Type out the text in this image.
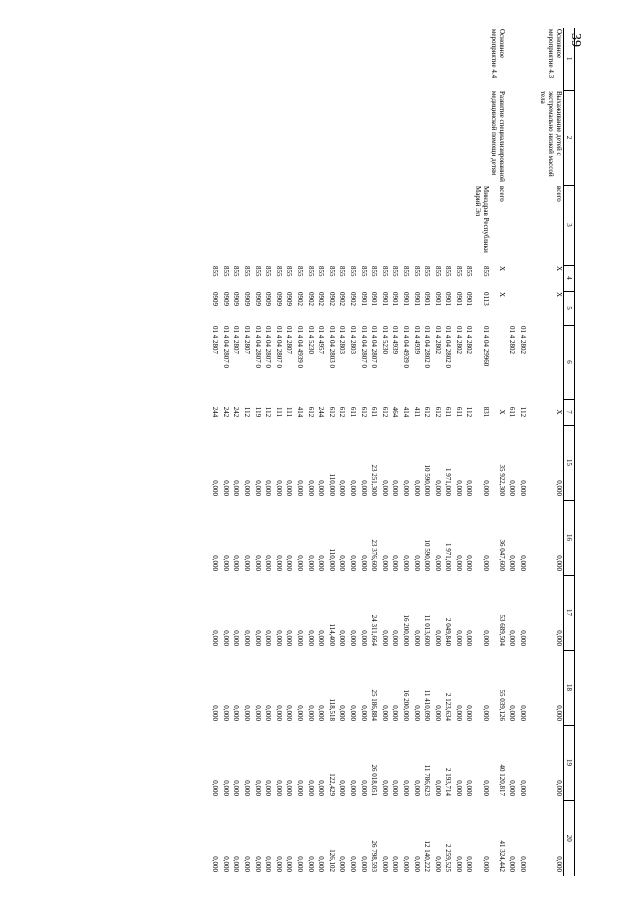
39
1	2	3	4	5	6	7	15	16	17	18	19	20
Основное мероприятие 4.3	Выхаживание детей с экстремально низкой массой тела	всего	Х	Х		Х	0,000	0,000	0,000	0,000	0,000	0,000

					01 4 2802	112	0,000	0,000	0,000	0,000	0,000	0,000
					01 4 2802	611	0,000	0,000	0,000	0,000	0,000	0,000
Основное мероприятие 4.4	Развитие специализированной медицинской помощи детям	всего	Х	Х		Х	35 922,300	36 047,600	53 689,504	55 039,126	40 120,817	41 324,442
		Минздрав Республики Марий Эл	855	0113	01 4 04 29960	831	0,000	0,000	0,000	0,000	0,000	0,000
			855	0901	01 4 2802	112	0,000	0,000	0,000	0,000	0,000	0,000
			855	0901	01 4 2802	611	0,000	0,000	0,000	0,000	0,000	0,000
			855	0901	01 4 04 2802 0	611	1 971,000	1 971,000	2 049,840	2 123,634	2 193,714	2 259,525
			855	0901	01 4 2802	612	0,000	0,000	0,000	0,000	0,000	0,000
			855	0901	01 4 04 2802 0	612	10 590,000	10 590,000	11 013,600	11 410,090	11 786,623	12 140,222
			855	0901	01 4 4939	411	0,000	0,000	0,000	0,000	0,000	0,000
			855	0901	01 4 04 4939 0	414	0,000	0,000	16 200,000	16 200,000	0,000	0,000
			855	0901	01 4 4939	464	0,000	0,000	0,000	0,000	0,000	0,000
			855	0901	01 4 5230	612	0,000	0,000	0,000	0,000	0,000	0,000
			855	0901	01 4 04 2807 0	611	23 251,300	23 376,600	24 311,664	25 186,884	26 018,051	26 798,593
			855	0901	01 4 04 2807 0	612	0,000	0,000	0,000	0,000	0,000	0,000
			855	0902	01 4 2803	611	0,000	0,000	0,000	0,000	0,000	0,000
			855	0902	01 4 2803	612	0,000	0,000	0,000	0,000	0,000	0,000
			855	0902	01 4 04 2803 0	612	110,000	110,000	114,400	118,518	122,429	126,102
			855	0902	01 4 4957	244	0,000	0,000	0,000	0,000	0,000	0,000
			855	0902	01 4 5230	612	0,000	0,000	0,000	0,000	0,000	0,000
			855	0902	01 4 04 4939 0	414	0,000	0,000	0,000	0,000	0,000	0,000
			855	0909	01 4 2807	111	0,000	0,000	0,000	0,000	0,000	0,000
			855	0909	01 4 04 2807 0	111	0,000	0,000	0,000	0,000	0,000	0,000
			855	0909	01 4 04 2807 0	112	0,000	0,000	0,000	0,000	0,000	0,000
			855	0909	01 4 04 2807 0	119	0,000	0,000	0,000	0,000	0,000	0,000
			855	0909	01 4 2807	112	0,000	0,000	0,000	0,000	0,000	0,000
			855	0909	01 4 2807	242	0,000	0,000	0,000	0,000	0,000	0,000
			855	0909	01 4 04 2807 0	242	0,000	0,000	0,000	0,000	0,000	0,000
			855	0909	01 4 2807	244	0,000	0,000	0,000	0,000	0,000	0,000
